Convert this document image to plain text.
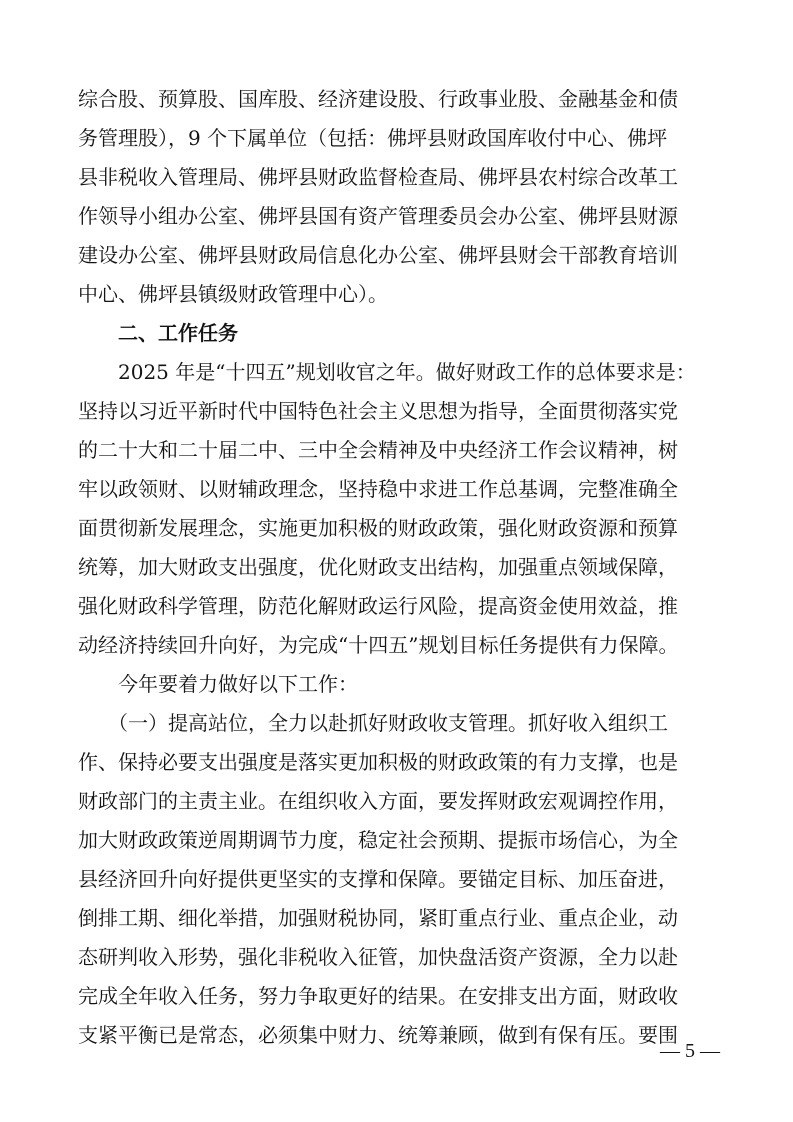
综合股、预算股、国库股、经济建设股、行政事业股、金融基金和债
务管理股），9 个下属单位（包括：佛坪县财政国库收付中心、佛坪
县非税收入管理局、佛坪县财政监督检查局、佛坪县农村综合改革工
作领导小组办公室、佛坪县国有资产管理委员会办公室、佛坪县财源
建设办公室、佛坪县财政局信息化办公室、佛坪县财会干部教育培训
中心、佛坪县镇级财政管理中心）。
　　二、工作任务
　　2025 年是“十四五”规划收官之年。做好财政工作的总体要求是：
坚持以习近平新时代中国特色社会主义思想为指导，全面贯彻落实党
的二十大和二十届二中、三中全会精神及中央经济工作会议精神，树
牢以政领财、以财辅政理念，坚持稳中求进工作总基调，完整准确全
面贯彻新发展理念，实施更加积极的财政政策，强化财政资源和预算
统筹，加大财政支出强度，优化财政支出结构，加强重点领域保障，
强化财政科学管理，防范化解财政运行风险，提高资金使用效益，推
动经济持续回升向好，为完成“十四五”规划目标任务提供有力保障。
　　今年要着力做好以下工作：
　　（一）提高站位，全力以赴抓好财政收支管理。抓好收入组织工
作、保持必要支出强度是落实更加积极的财政政策的有力支撑，也是
财政部门的主责主业。在组织收入方面，要发挥财政宏观调控作用，
加大财政政策逆周期调节力度，稳定社会预期、提振市场信心，为全
县经济回升向好提供更坚实的支撑和保障。要锚定目标、加压奋进，
倒排工期、细化举措，加强财税协同，紧盯重点行业、重点企业，动
态研判收入形势，强化非税收入征管，加快盘活资产资源，全力以赴
完成全年收入任务，努力争取更好的结果。在安排支出方面，财政收
支紧平衡已是常态，必须集中财力、统筹兼顾，做到有保有压。要围
— 5 —
